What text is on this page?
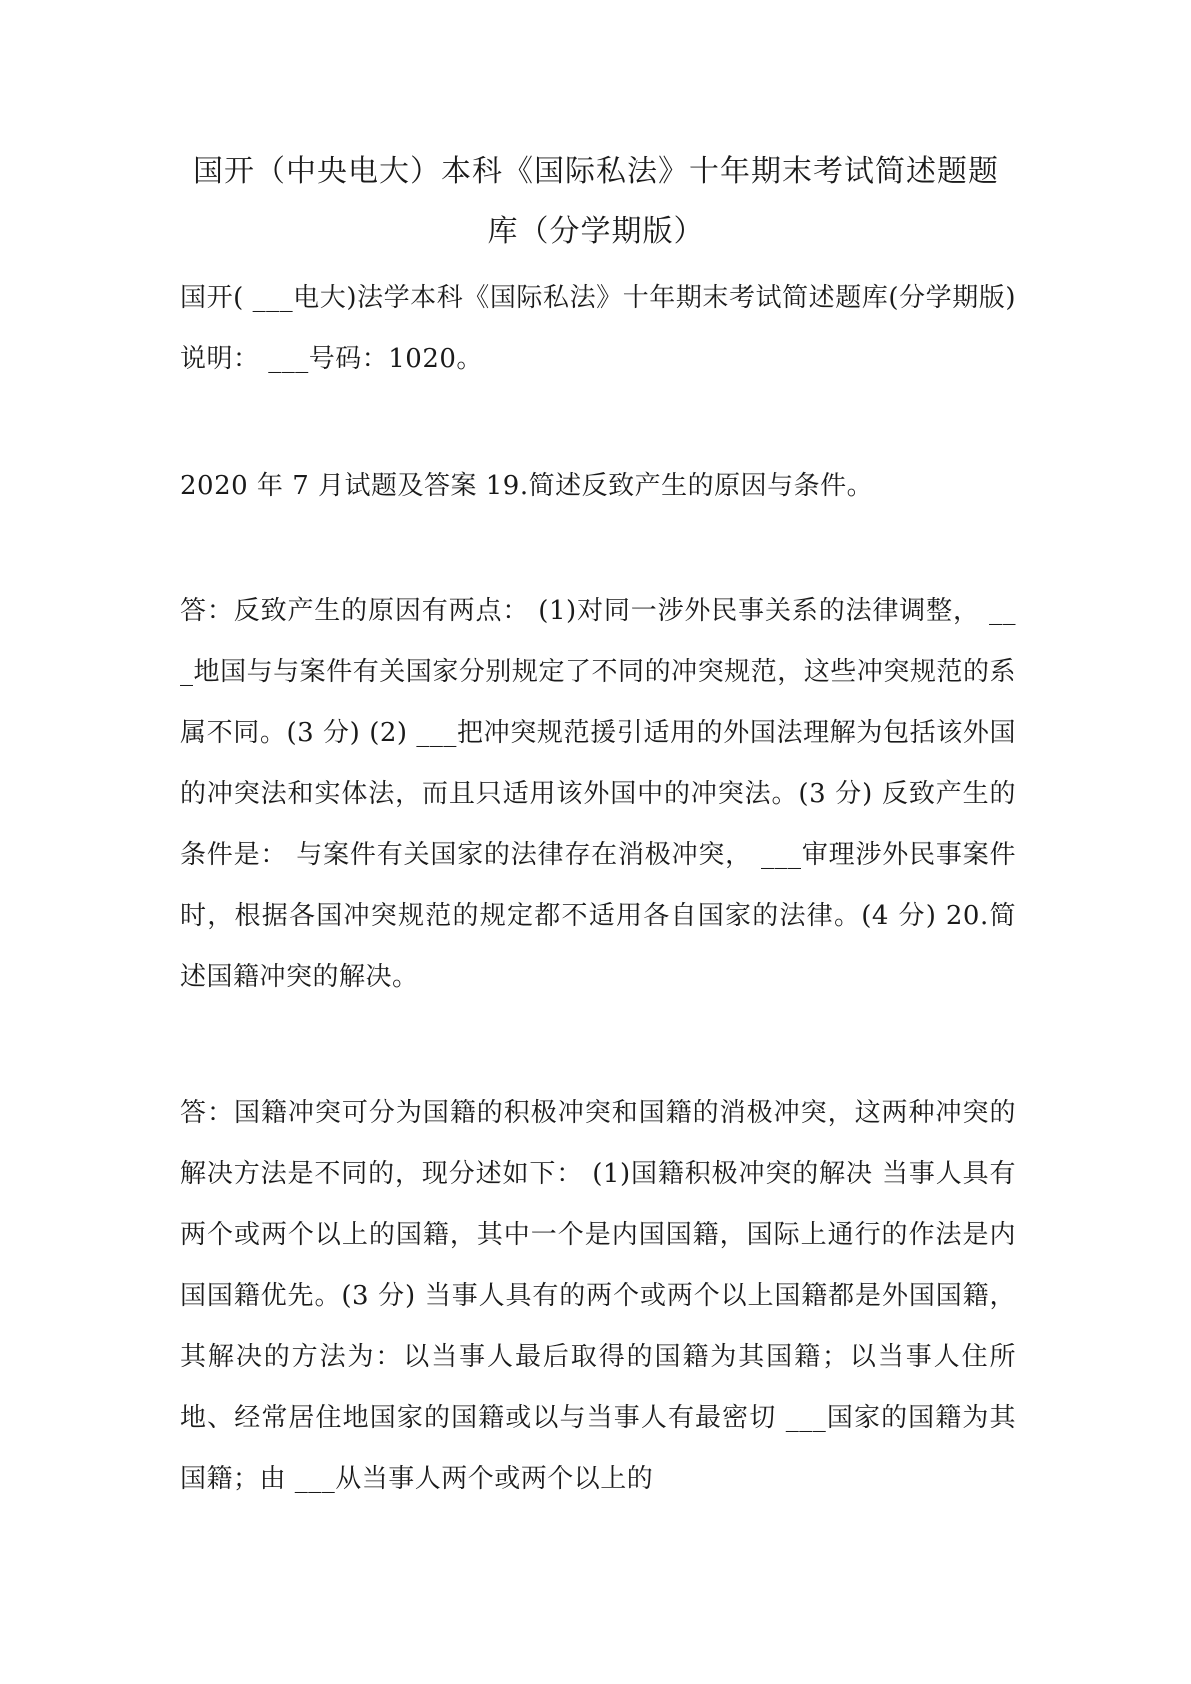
国开（中央电大）本科《国际私法》十年期末考试简述题题库（分学期版）

国开( ___电大)法学本科《国际私法》十年期末考试简述题库(分学期版) 说明： ___号码：1020。

2020 年 7 月试题及答案 19.简述反致产生的原因与条件。

答：反致产生的原因有两点： (1)对同一涉外民事关系的法律调整， ___地国与与案件有关国家分别规定了不同的冲突规范，这些冲突规范的系属不同。(3 分) (2) ___把冲突规范援引适用的外国法理解为包括该外国的冲突法和实体法，而且只适用该外国中的冲突法。(3 分) 反致产生的条件是： 与案件有关国家的法律存在消极冲突， ___审理涉外民事案件时，根据各国冲突规范的规定都不适用各自国家的法律。(4 分) 20.简述国籍冲突的解决。

答：国籍冲突可分为国籍的积极冲突和国籍的消极冲突，这两种冲突的解决方法是不同的，现分述如下： (1)国籍积极冲突的解决 当事人具有两个或两个以上的国籍，其中一个是内国国籍，国际上通行的作法是内国国籍优先。(3 分) 当事人具有的两个或两个以上国籍都是外国国籍，其解决的方法为：以当事人最后取得的国籍为其国籍；以当事人住所地、经常居住地国家的国籍或以与当事人有最密切 ___国家的国籍为其国籍；由 ___从当事人两个或两个以上的
